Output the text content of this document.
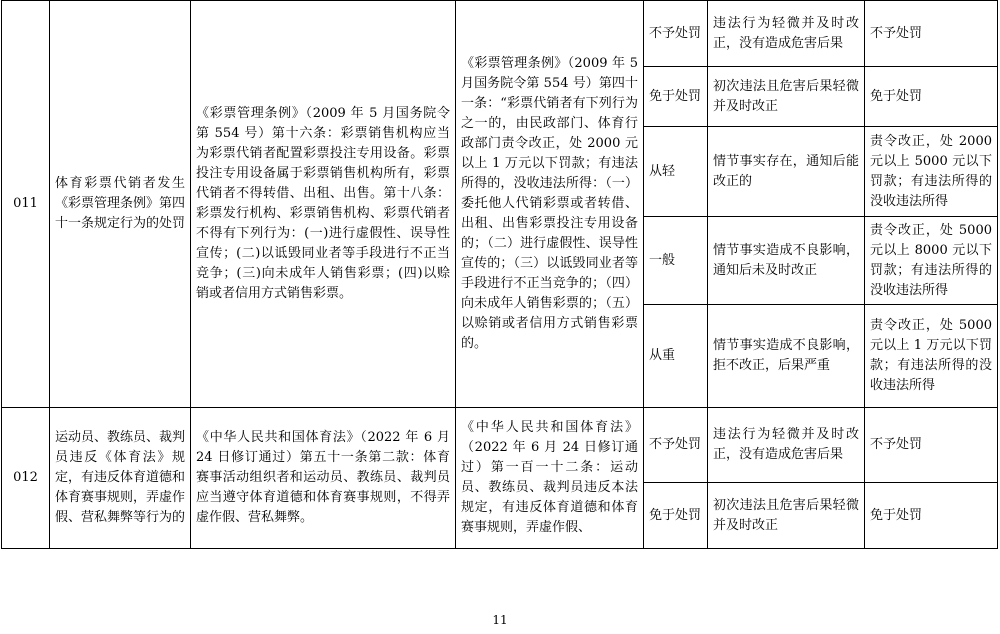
011	体育彩票代销者发生《彩票管理条例》第四十一条规定行为的处罚	《彩票管理条例》（2009 年 5 月国务院令第 554 号）第十六条：彩票销售机构应当为彩票代销者配置彩票投注专用设备。彩票投注专用设备属于彩票销售机构所有，彩票代销者不得转借、出租、出售。第十八条：彩票发行机构、彩票销售机构、彩票代销者不得有下列行为：(一)进行虚假性、误导性宣传；(二)以诋毁同业者等手段进行不正当竞争；(三)向未成年人销售彩票；(四)以赊销或者信用方式销售彩票。	《彩票管理条例》（2009 年 5 月国务院令第 554 号）第四十一条：“彩票代销者有下列行为之一的，由民政部门、体育行政部门责令改正，处 2000 元以上 1 万元以下罚款；有违法所得的，没收违法所得：（一）委托他人代销彩票或者转借、出租、出售彩票投注专用设备的；（二）进行虚假性、误导性宣传的；（三）以诋毁同业者等手段进行不正当竞争的；（四）向未成年人销售彩票的；（五）以赊销或者信用方式销售彩票的。	不予处罚	违法行为轻微并及时改正，没有造成危害后果	不予处罚
				免于处罚	初次违法且危害后果轻微并及时改正	免于处罚
				从轻	情节事实存在，通知后能改正的	责令改正，处 2000 元以上 5000 元以下罚款；有违法所得的没收违法所得
				一般	情节事实造成不良影响，通知后未及时改正	责令改正，处 5000 元以上 8000 元以下罚款；有违法所得的没收违法所得
				从重	情节事实造成不良影响，拒不改正，后果严重	责令改正，处 5000 元以上 1 万元以下罚款；有违法所得的没收违法所得
012	运动员、教练员、裁判员违反《体育法》规定，有违反体育道德和体育赛事规则，弄虚作假、营私舞弊等行为的	《中华人民共和国体育法》（2022 年 6 月 24 日修订通过）第五十一条第二款：体育赛事活动组织者和运动员、教练员、裁判员应当遵守体育道德和体育赛事规则，不得弄虚作假、营私舞弊。	《中华人民共和国体育法》（2022 年 6 月 24 日修订通过）第一百一十二条：运动员、教练员、裁判员违反本法规定，有违反体育道德和体育赛事规则，弄虚作假、	不予处罚	违法行为轻微并及时改正，没有造成危害后果	不予处罚
				免于处罚	初次违法且危害后果轻微并及时改正	免于处罚
11
